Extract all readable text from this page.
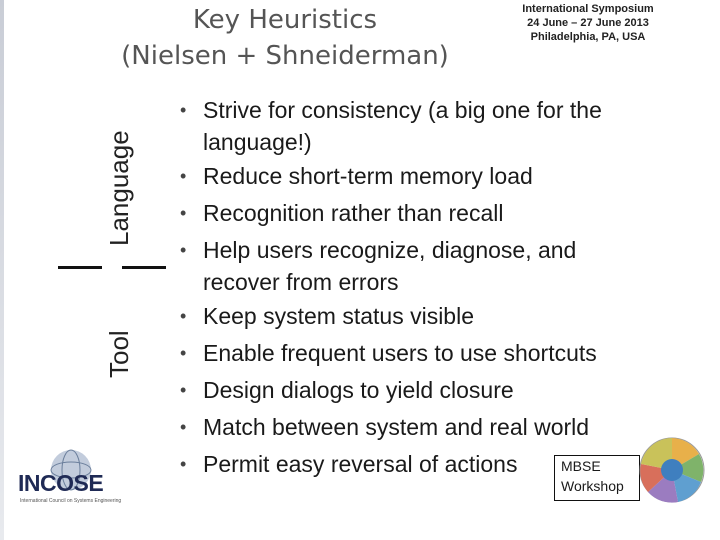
Key Heuristics
(Nielsen + Shneiderman)
International Symposium
24 June – 27 June 2013
Philadelphia, PA, USA
Language
Tool
• Strive for consistency (a big one for the
language!)
• Reduce short-term memory load
• Recognition rather than recall
• Help users recognize, diagnose, and
recover from errors
• Keep system status visible
• Enable frequent users to use shortcuts
• Design dialogs to yield closure
• Match between system and real world
• Permit easy reversal of actions
INCOSE
International Council on Systems Engineering
MBSE
Workshop
